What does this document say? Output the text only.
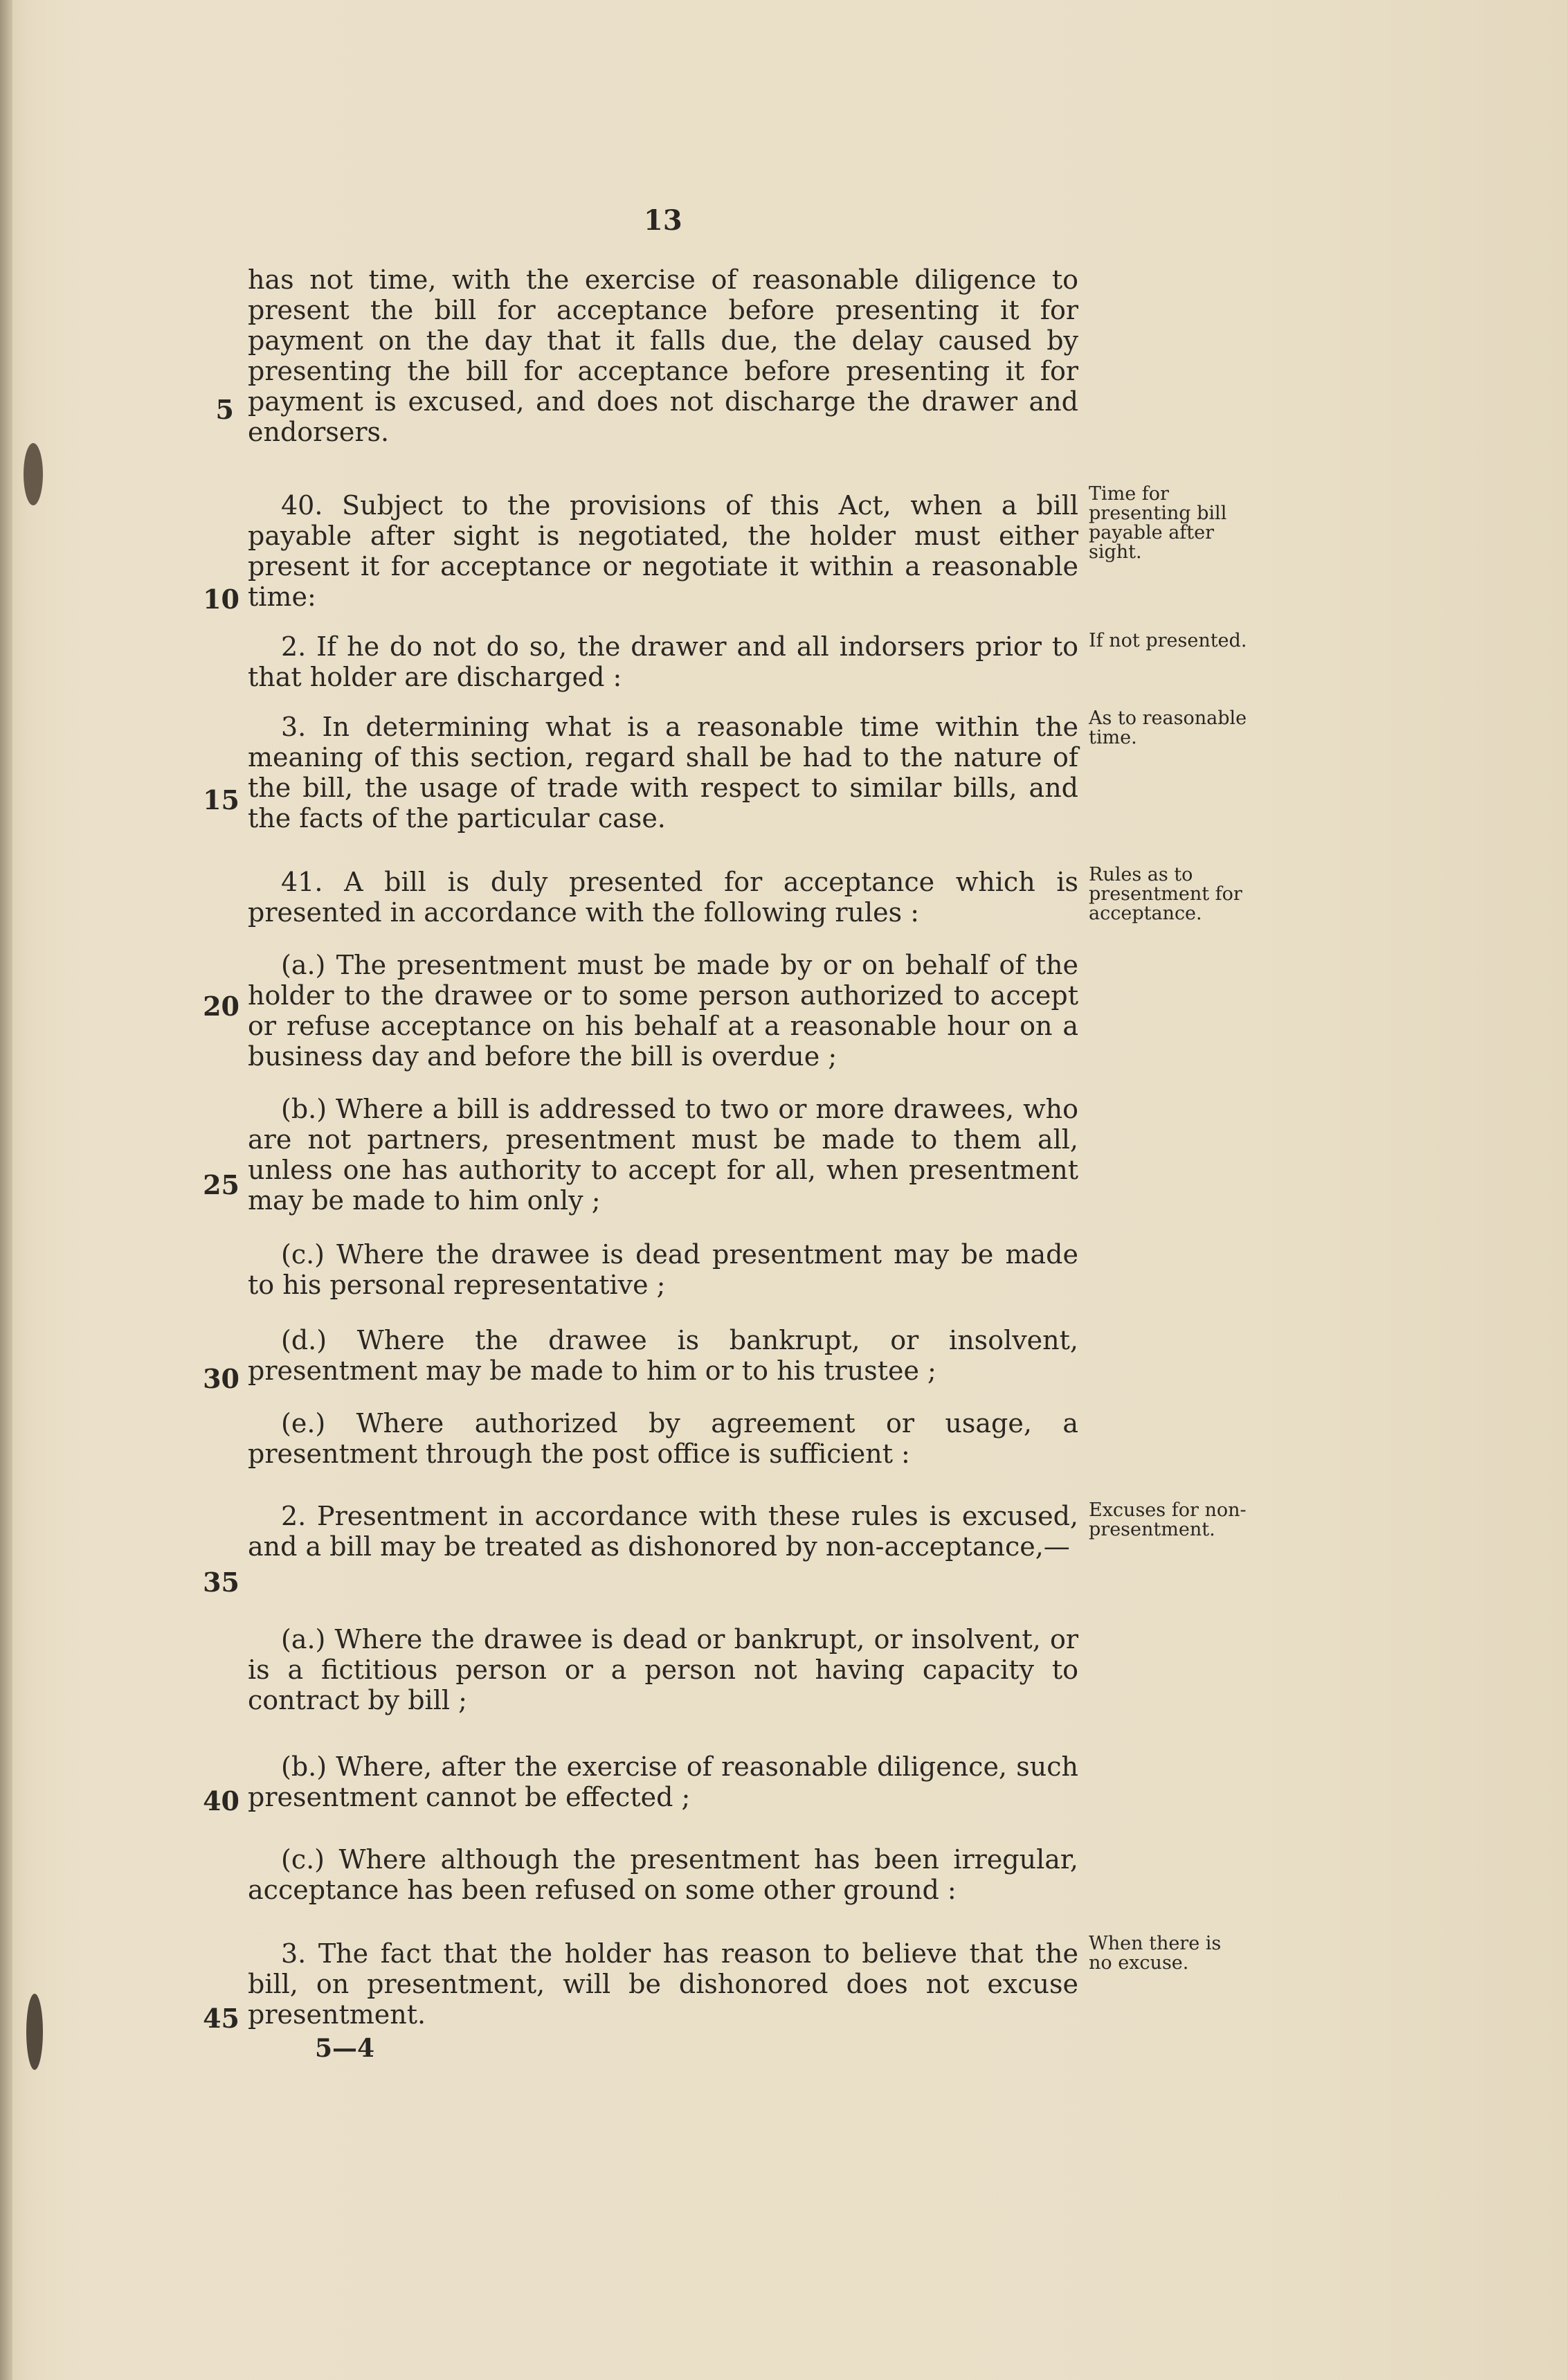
13
has not time, with the exercise of reasonable diligence to present the bill for acceptance before presenting it for payment on the day that it falls due, the delay caused by presenting the bill for acceptance before presenting it for payment is excused, and does not discharge the drawer and endorsers.
40. Subject to the provisions of this Act, when a bill payable after sight is negotiated, the holder must either present it for acceptance or negotiate it within a reasonable time:
2. If he do not do so, the drawer and all indorsers prior to that holder are discharged :
3. In determining what is a reasonable time within the meaning of this section, regard shall be had to the nature of the bill, the usage of trade with respect to similar bills, and the facts of the particular case.
41. A bill is duly presented for acceptance which is presented in accordance with the following rules :
(a.) The presentment must be made by or on behalf of the holder to the drawee or to some person authorized to accept or refuse acceptance on his behalf at a reasonable hour on a business day and before the bill is overdue ;
(b.) Where a bill is addressed to two or more drawees, who are not partners, presentment must be made to them all, unless one has authority to accept for all, when presentment may be made to him only ;
(c.) Where the drawee is dead presentment may be made to his personal representative ;
(d.) Where the drawee is bankrupt, or insolvent, presentment may be made to him or to his trustee ;
(e.) Where authorized by agreement or usage, a presentment through the post office is sufficient :
2. Presentment in accordance with these rules is excused, and a bill may be treated as dishonored by non-acceptance,—
(a.) Where the drawee is dead or bankrupt, or insolvent, or is a fictitious person or a person not having capacity to contract by bill ;
(b.) Where, after the exercise of reasonable diligence, such presentment cannot be effected ;
(c.) Where although the presentment has been irregular, acceptance has been refused on some other ground :
3. The fact that the holder has reason to believe that the bill, on presentment, will be dishonored does not excuse presentment.
5
10
15
20
25
30
35
40
45
Time for presenting bill payable after sight.
If not presented.
As to reasonable time.
Rules as to presentment for acceptance.
Excuses for non-presentment.
When there is no excuse.
5—4
